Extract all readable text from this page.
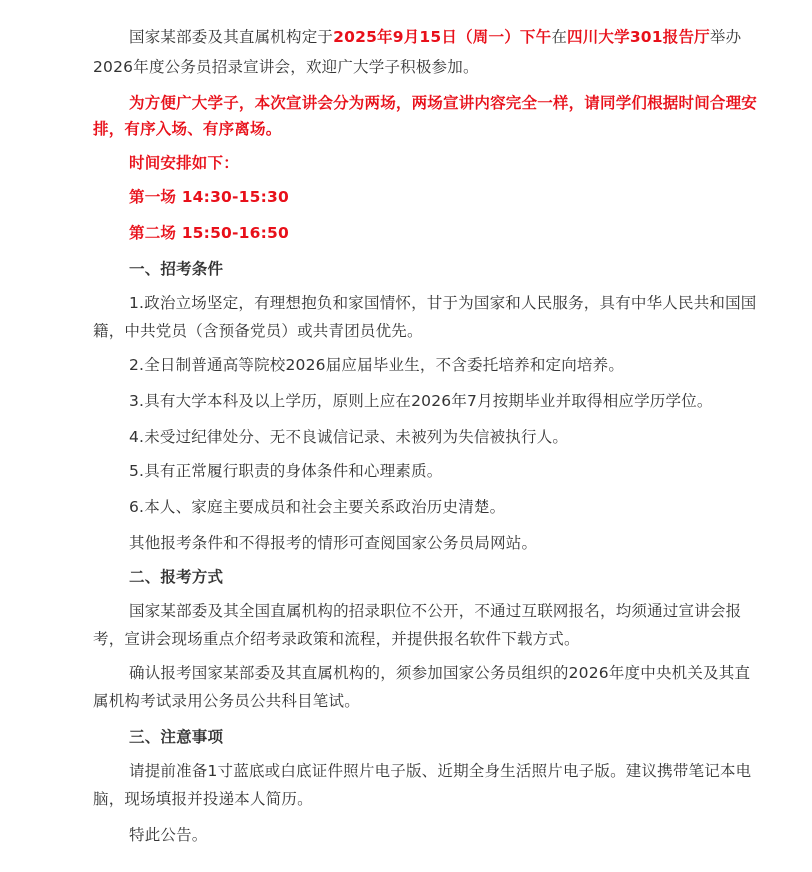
国家某部委及其直属机构定于2025年9月15日（周一）下午在四川大学301报告厅举办
2026年度公务员招录宣讲会，欢迎广大学子积极参加。
为方便广大学子，本次宣讲会分为两场，两场宣讲内容完全一样，请同学们根据时间合理安
排，有序入场、有序离场。
时间安排如下：
第一场 14:30-15:30
第二场 15:50-16:50
一、招考条件
1.政治立场坚定，有理想抱负和家国情怀，甘于为国家和人民服务，具有中华人民共和国国
籍，中共党员（含预备党员）或共青团员优先。
2.全日制普通高等院校2026届应届毕业生，不含委托培养和定向培养。
3.具有大学本科及以上学历，原则上应在2026年7月按期毕业并取得相应学历学位。
4.未受过纪律处分、无不良诚信记录、未被列为失信被执行人。
5.具有正常履行职责的身体条件和心理素质。
6.本人、家庭主要成员和社会主要关系政治历史清楚。
其他报考条件和不得报考的情形可查阅国家公务员局网站。
二、报考方式
国家某部委及其全国直属机构的招录职位不公开，不通过互联网报名，均须通过宣讲会报
考，宣讲会现场重点介绍考录政策和流程，并提供报名软件下载方式。
确认报考国家某部委及其直属机构的，须参加国家公务员组织的2026年度中央机关及其直
属机构考试录用公务员公共科目笔试。
三、注意事项
请提前准备1寸蓝底或白底证件照片电子版、近期全身生活照片电子版。建议携带笔记本电
脑，现场填报并投递本人简历。
特此公告。
